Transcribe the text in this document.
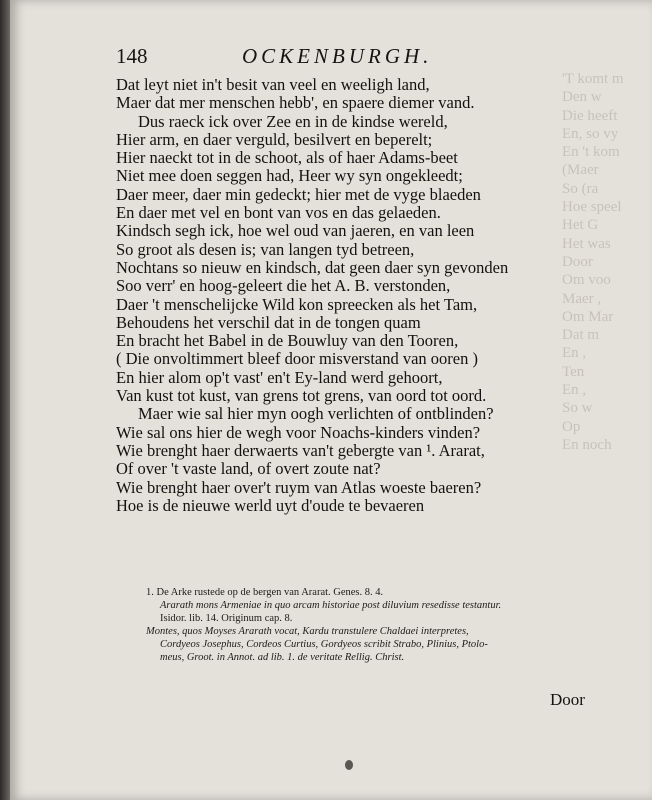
'T komt m
Den w
Die heeft
En, so vy
En 't kom
(Maer
So (ra
Hoe speel
Het G
Het was
Door
Om voo
Maer ,
Om Mar
Dat m
En ,
Ten
En ,
So w
Op
En noch
148	OCKENBURGH.
Dat leyt niet in't besit van veel en weeligh land,
Maer dat mer menschen hebb', en spaere diemer vand.
Dus raeck ick over Zee en in de kindse wereld,
Hier arm, en daer verguld, besilvert en beperelt;
Hier naeckt tot in de schoot, als of haer Adams-beet
Niet mee doen seggen had, Heer wy syn ongekleedt;
Daer meer, daer min gedeckt; hier met de vyge blaeden
En daer met vel en bont van vos en das gelaeden.
Kindsch segh ick, hoe wel oud van jaeren, en van leen
So groot als desen is; van langen tyd betreen,
Nochtans so nieuw en kindsch, dat geen daer syn gevonden
Soo verr' en hoog-geleert die het A. B. verstonden,
Daer 't menschelijcke Wild kon spreecken als het Tam,
Behoudens het verschil dat in de tongen quam
En bracht het Babel in de Bouwluy van den Tooren,
( Die onvoltimmert bleef door misverstand van ooren )
En hier alom op't vast' en't Ey-land werd gehoort,
Van kust tot kust, van grens tot grens, van oord tot oord.
Maer wie sal hier myn oogh verlichten of ontblinden?
Wie sal ons hier de wegh voor Noachs-kinders vinden?
Wie brenght haer derwaerts van't gebergte van ¹. Ararat,
Of over 't vaste land, of overt zoute nat?
Wie brenght haer over't ruym van Atlas woeste baeren?
Hoe is de nieuwe werld uyt d'oude te bevaeren
1. De Arke rustede op de bergen van Ararat. Genes. 8. 4.
Ararath mons Armeniae in quo arcam historiae post diluvium resedisse testantur.
Isidor. lib. 14. Originum cap. 8.
Montes, quos Moyses Ararath vocat, Kardu transtulere Chaldaei interpretes,
Cordyeos Josephus, Cordeos Curtius, Gordyeos scribit Strabo, Plinius, Ptolo-
meus, Groot. in Annot. ad lib. 1. de veritate Rellig. Christ.
Door
